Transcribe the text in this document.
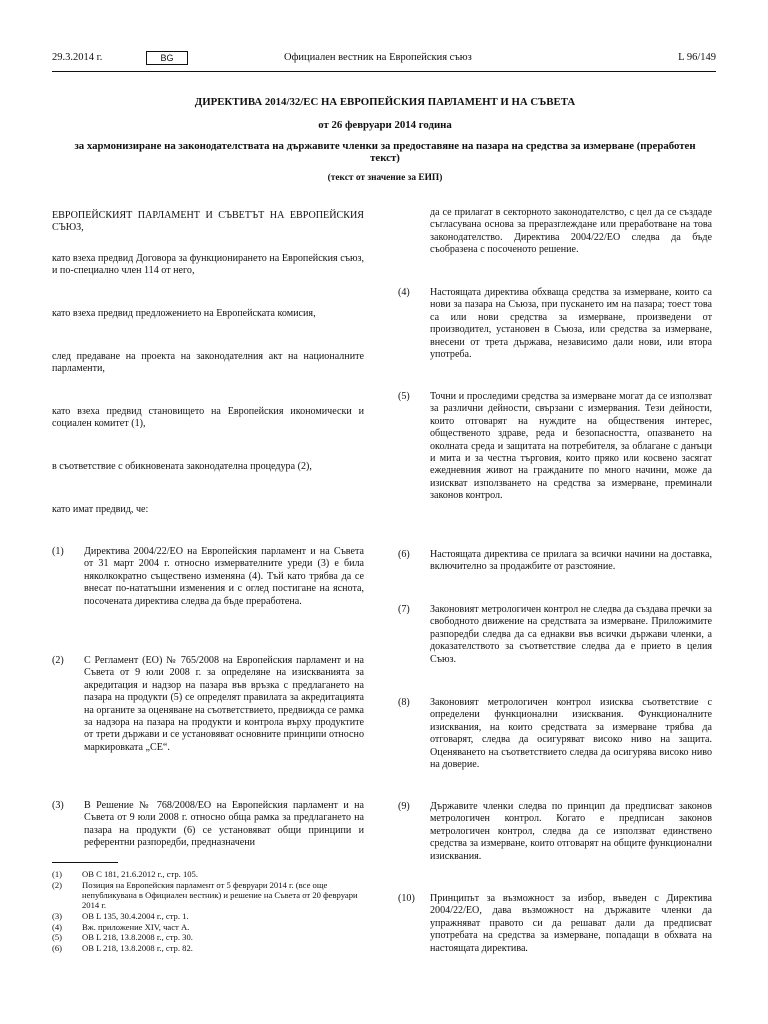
29.3.2014 г.	BG	Официален вестник на Европейския съюз	L 96/149
ДИРЕКТИВА 2014/32/ЕС НА ЕВРОПЕЙСКИЯ ПАРЛАМЕНТ И НА СЪВЕТА
от 26 февруари 2014 година
за хармонизиране на законодателствата на държавите членки за предоставяне на пазара на средства за измерване (преработен текст)
(текст от значение за ЕИП)
ЕВРОПЕЙСКИЯТ ПАРЛАМЕНТ И СЪВЕТЪТ НА ЕВРОПЕЙСКИЯ СЪЮЗ,
като взеха предвид Договора за функционирането на Европейския съюз, и по-специално член 114 от него,
като взеха предвид предложението на Европейската комисия,
след предаване на проекта на законодателния акт на националните парламенти,
като взеха предвид становището на Европейския икономически и социален комитет (1),
в съответствие с обикновената законодателна процедура (2),
като имат предвид, че:
(1) Директива 2004/22/ЕО на Европейския парламент и на Съвета от 31 март 2004 г. относно измервателните уреди (3) е била няколкократно съществено изменяна (4). Тъй като трябва да се внесат по-нататъшни изменения и с оглед постигане на яснота, посочената директива следва да бъде преработена.
(2) С Регламент (ЕО) № 765/2008 на Европейския парламент и на Съвета от 9 юли 2008 г. за определяне на изискванията за акредитация и надзор на пазара във връзка с предлагането на пазара на продукти (5) се определят правилата за акредитацията на органите за оценяване на съответствието, предвижда се рамка за надзора на пазара на продукти и контрола върху продуктите от трети държави и се установяват основните принципи относно маркировката „CE“.
(3) В Решение № 768/2008/ЕО на Европейския парламент и на Съвета от 9 юли 2008 г. относно обща рамка за предлагането на пазара на продукти (6) се установяват общи принципи и референтни разпоредби, предназначени
(1) ОВ C 181, 21.6.2012 г., стр. 105.
(2) Позиция на Европейския парламент от 5 февруари 2014 г. (все още непубликувана в Официален вестник) и решение на Съвета от 20 февруари 2014 г.
(3) ОВ L 135, 30.4.2004 г., стр. 1.
(4) Вж. приложение XIV, част А.
(5) ОВ L 218, 13.8.2008 г., стр. 30.
(6) ОВ L 218, 13.8.2008 г., стр. 82.
да се прилагат в секторното законодателство, с цел да се създаде съгласувана основа за преразглеждане или преработване на това законодателство. Директива 2004/22/ЕО следва да бъде съобразена с посоченото решение.
(4) Настоящата директива обхваща средства за измерване, които са нови за пазара на Съюза, при пускането им на пазара; тоест това са или нови средства за измерване, произведени от производител, установен в Съюза, или средства за измерване, внесени от трета държава, независимо дали нови, или втора употреба.
(5) Точни и проследими средства за измерване могат да се използват за различни дейности, свързани с измервания. Тези дейности, които отговарят на нуждите на обществения интерес, общественото здраве, реда и безопасността, опазването на околната среда и защитата на потребителя, за облагане с данъци и мита и за честна търговия, които пряко или косвено засягат ежедневния живот на гражданите по много начини, може да изискват използването на средства за измерване, преминали законов контрол.
(6) Настоящата директива се прилага за всички начини на доставка, включително за продажбите от разстояние.
(7) Законовият метрологичен контрол не следва да създава пречки за свободното движение на средствата за измерване. Приложимите разпоредби следва да са еднакви във всички държави членки, а доказателството за съответствие следва да е прието в целия Съюз.
(8) Законовият метрологичен контрол изисква съответствие с определени функционални изисквания. Функционалните изисквания, на които средствата за измерване трябва да отговарят, следва да осигуряват високо ниво на защита. Оценяването на съответствието следва да осигурява високо ниво на доверие.
(9) Държавите членки следва по принцип да предписват законов метрологичен контрол. Когато е предписан законов метрологичен контрол, следва да се използват единствено средства за измерване, които отговарят на общите функционални изисквания.
(10) Принципът за възможност за избор, въведен с Директива 2004/22/ЕО, дава възможност на държавите членки да упражняват правото си да решават дали да предписват употребата на средства за измерване, попадащи в обхвата на настоящата директива.
